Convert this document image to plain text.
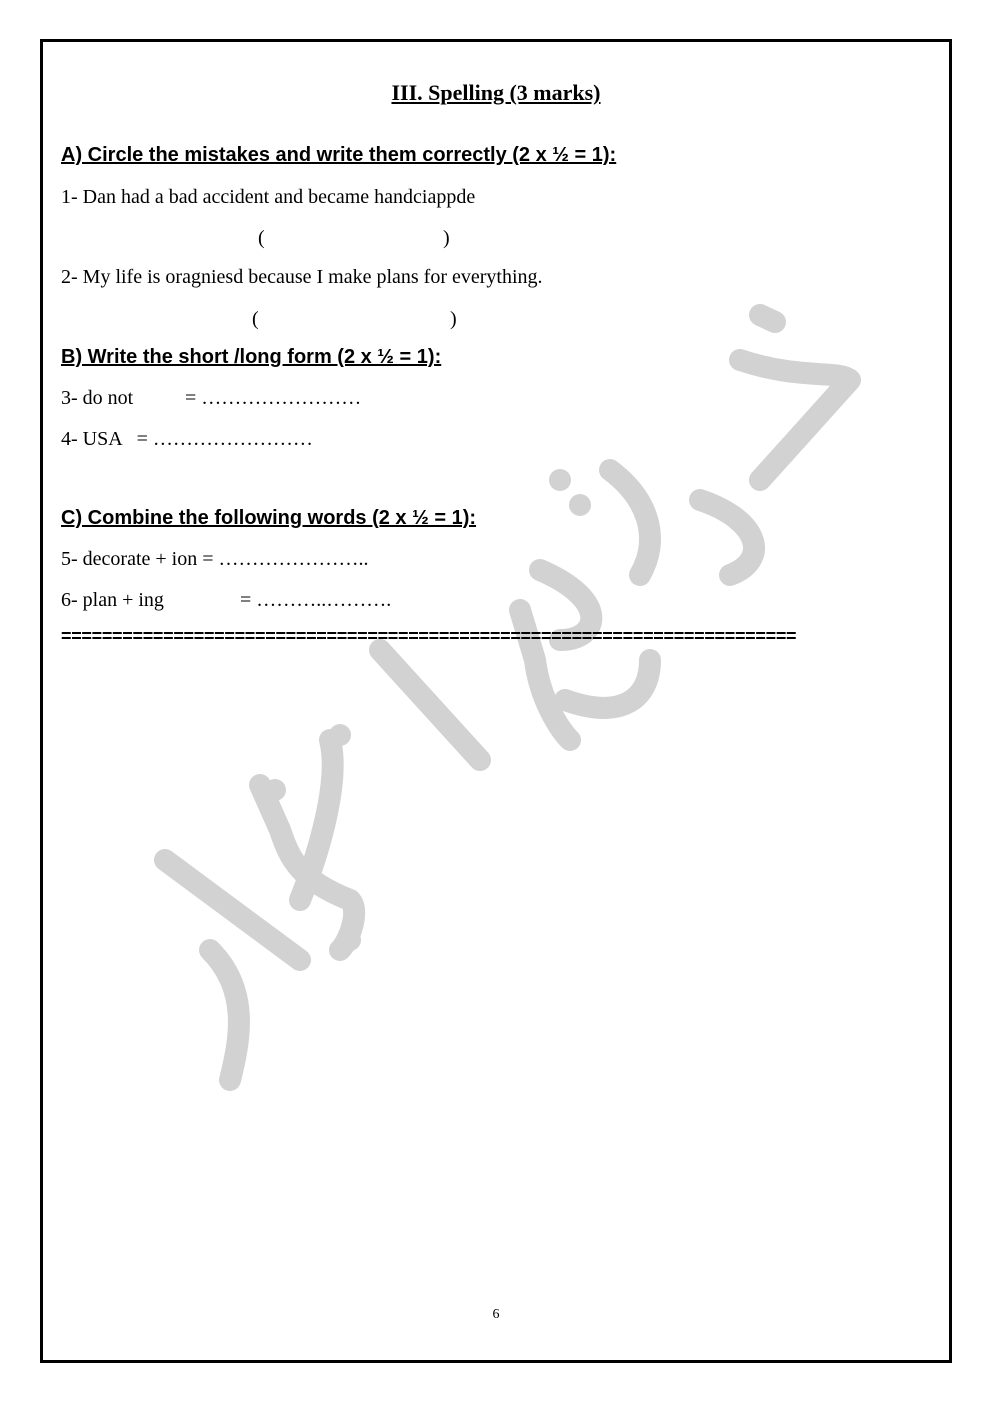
III. Spelling (3 marks)
A) Circle the mistakes and write them correctly (2 x ½ = 1):
1- Dan had a bad accident and became handciappde
(	)
2- My life is oragniesd because I make plans for everything.
(	)
B) Write the short /long form (2 x ½ = 1):
3- do not	= ……………………
4- USA   = ……………………
C) Combine the following words (2 x ½ = 1):
5- decorate + ion = …………………..
6- plan + ing	= ………..……….
========================================================================
6
